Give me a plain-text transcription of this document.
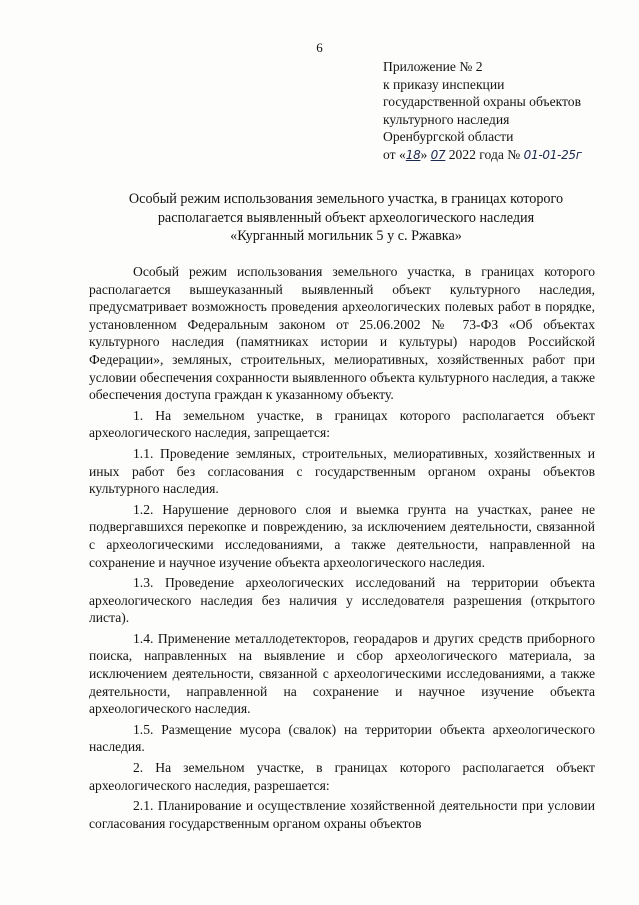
6
Приложение № 2
к приказу инспекции
государственной охраны объектов
культурного наследия
Оренбургской области
от «18» 07 2022 года № 01-01-25г
Особый режим использования земельного участка, в границах которого
располагается выявленный объект археологического наследия
«Курганный могильник 5 у с. Ржавка»

Особый режим использования земельного участка, в границах которого располагается вышеуказанный выявленный объект культурного наследия, предусматривает возможность проведения археологических полевых работ в порядке, установленном Федеральным законом от 25.06.2002 № 73-ФЗ «Об объектах культурного наследия (памятниках истории и культуры) народов Российской Федерации», земляных, строительных, мелиоративных, хозяйственных работ при условии обеспечения сохранности выявленного объекта культурного наследия, а также обеспечения доступа граждан к указанному объекту.

1. На земельном участке, в границах которого располагается объект археологического наследия, запрещается:

1.1. Проведение земляных, строительных, мелиоративных, хозяйственных и иных работ без согласования с государственным органом охраны объектов культурного наследия.

1.2. Нарушение дернового слоя и выемка грунта на участках, ранее не подвергавшихся перекопке и повреждению, за исключением деятельности, связанной с археологическими исследованиями, а также деятельности, направленной на сохранение и научное изучение объекта археологического наследия.

1.3. Проведение археологических исследований на территории объекта археологического наследия без наличия у исследователя разрешения (открытого листа).

1.4. Применение металлодетекторов, георадаров и других средств приборного поиска, направленных на выявление и сбор археологического материала, за исключением деятельности, связанной с археологическими исследованиями, а также деятельности, направленной на сохранение и научное изучение объекта археологического наследия.

1.5. Размещение мусора (свалок) на территории объекта археологического наследия.

2. На земельном участке, в границах которого располагается объект археологического наследия, разрешается:

2.1. Планирование и осуществление хозяйственной деятельности при условии согласования государственным органом охраны объектов
